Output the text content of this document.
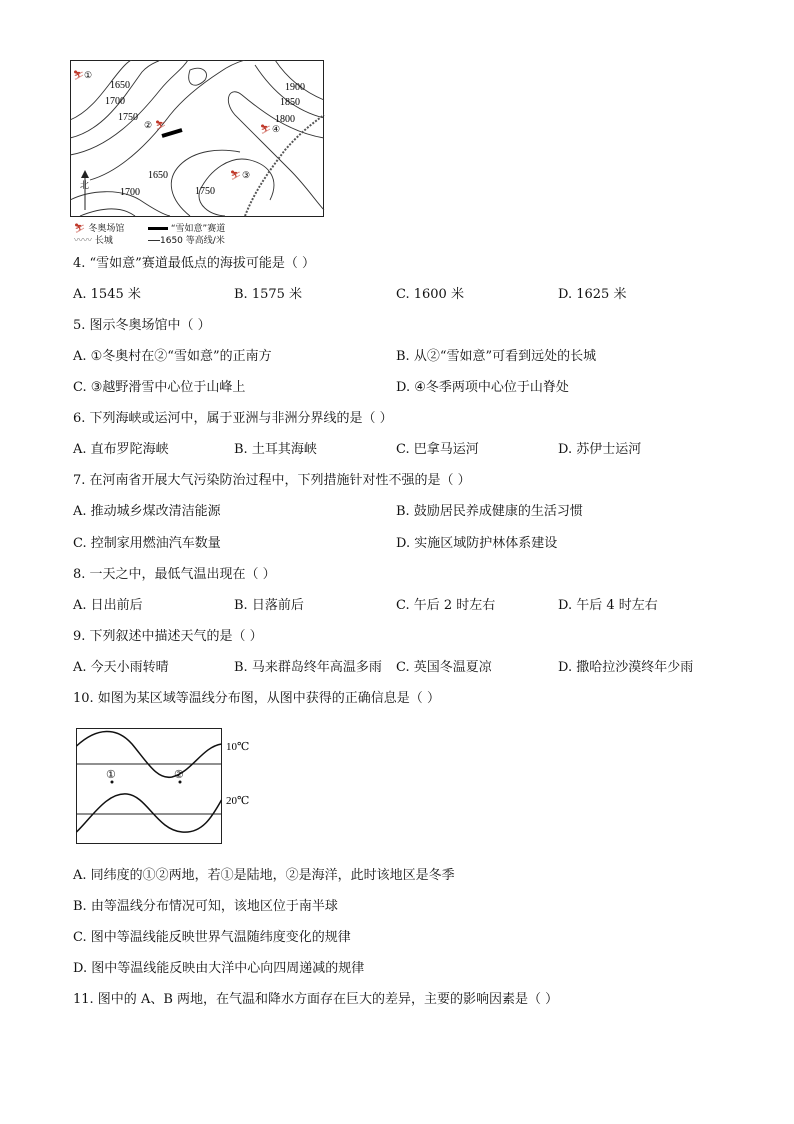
北
1650
1700
1750
1900
1850
1800
1650
1700	1750
⛷
⛷
⛷
⛷
①
②
③
④
⛷ 冬奥场馆	“雪如意”赛道
〰〰 长城	1650 等高线/米
4. “雪如意”赛道最低点的海拔可能是（ ）
A. 1545 米	B. 1575 米	C. 1600 米	D. 1625 米
5. 图示冬奥场馆中（ ）
A. ①冬奥村在②“雪如意”的正南方	B. 从②“雪如意”可看到远处的长城
C. ③越野滑雪中心位于山峰上	D. ④冬季两项中心位于山脊处
6. 下列海峡或运河中，属于亚洲与非洲分界线的是（ ）
A. 直布罗陀海峡	B. 土耳其海峡	C. 巴拿马运河	D. 苏伊士运河
7. 在河南省开展大气污染防治过程中，下列措施针对性不强的是（ ）
A. 推动城乡煤改清洁能源	B. 鼓励居民养成健康的生活习惯
C. 控制家用燃油汽车数量	D. 实施区域防护林体系建设
8. 一天之中，最低气温出现在（ ）
A. 日出前后	B. 日落前后	C. 午后 2 时左右	D. 午后 4 时左右
9. 下列叙述中描述天气的是（ ）
A. 今天小雨转晴	B. 马来群岛终年高温多雨 C. 英国冬温夏凉	D. 撒哈拉沙漠终年少雨
10. 如图为某区域等温线分布图，从图中获得的正确信息是（ ）
10℃
20℃
①	②
A. 同纬度的①②两地，若①是陆地，②是海洋，此时该地区是冬季
B. 由等温线分布情况可知，该地区位于南半球
C. 图中等温线能反映世界气温随纬度变化的规律
D. 图中等温线能反映由大洋中心向四周递减的规律
11. 图中的 A、B 两地，在气温和降水方面存在巨大的差异，主要的影响因素是（ ）
